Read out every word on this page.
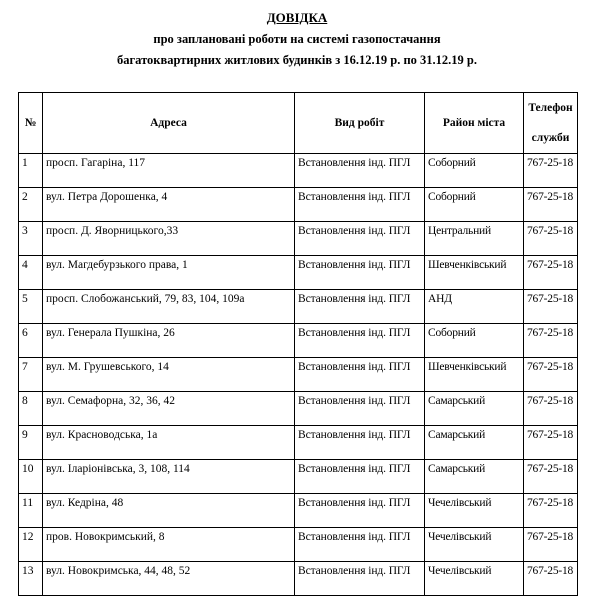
ДОВІДКА
про заплановані роботи на системі газопостачання
багатоквартирних житлових будинків з 16.12.19 р. по 31.12.19 р.
№	Адреса	Вид робіт	Район міста	Телефон служби
1	просп. Гагаріна, 117	Встановлення інд. ПГЛ	Соборний	767-25-18
2	вул. Петра Дорошенка, 4	Встановлення інд. ПГЛ	Соборний	767-25-18
3	просп. Д. Яворницького,33	Встановлення інд. ПГЛ	Центральний	767-25-18
4	вул. Магдебурзького права, 1	Встановлення інд. ПГЛ	Шевченківський	767-25-18
5	просп. Слобожанський, 79, 83, 104, 109а	Встановлення інд. ПГЛ	АНД	767-25-18
6	вул. Генерала Пушкіна, 26	Встановлення інд. ПГЛ	Соборний	767-25-18
7	вул. М. Грушевського, 14	Встановлення інд. ПГЛ	Шевченківський	767-25-18
8	вул. Семафорна, 32, 36, 42	Встановлення інд. ПГЛ	Самарський	767-25-18
9	вул. Красноводська, 1а	Встановлення інд. ПГЛ	Самарський	767-25-18
10	вул. Іларіонівська, 3, 108, 114	Встановлення інд. ПГЛ	Самарський	767-25-18
11	вул. Кедріна, 48	Встановлення інд. ПГЛ	Чечелівський	767-25-18
12	пров. Новокримський, 8	Встановлення інд. ПГЛ	Чечелівський	767-25-18
13	вул. Новокримська, 44, 48, 52	Встановлення інд. ПГЛ	Чечелівський	767-25-18
